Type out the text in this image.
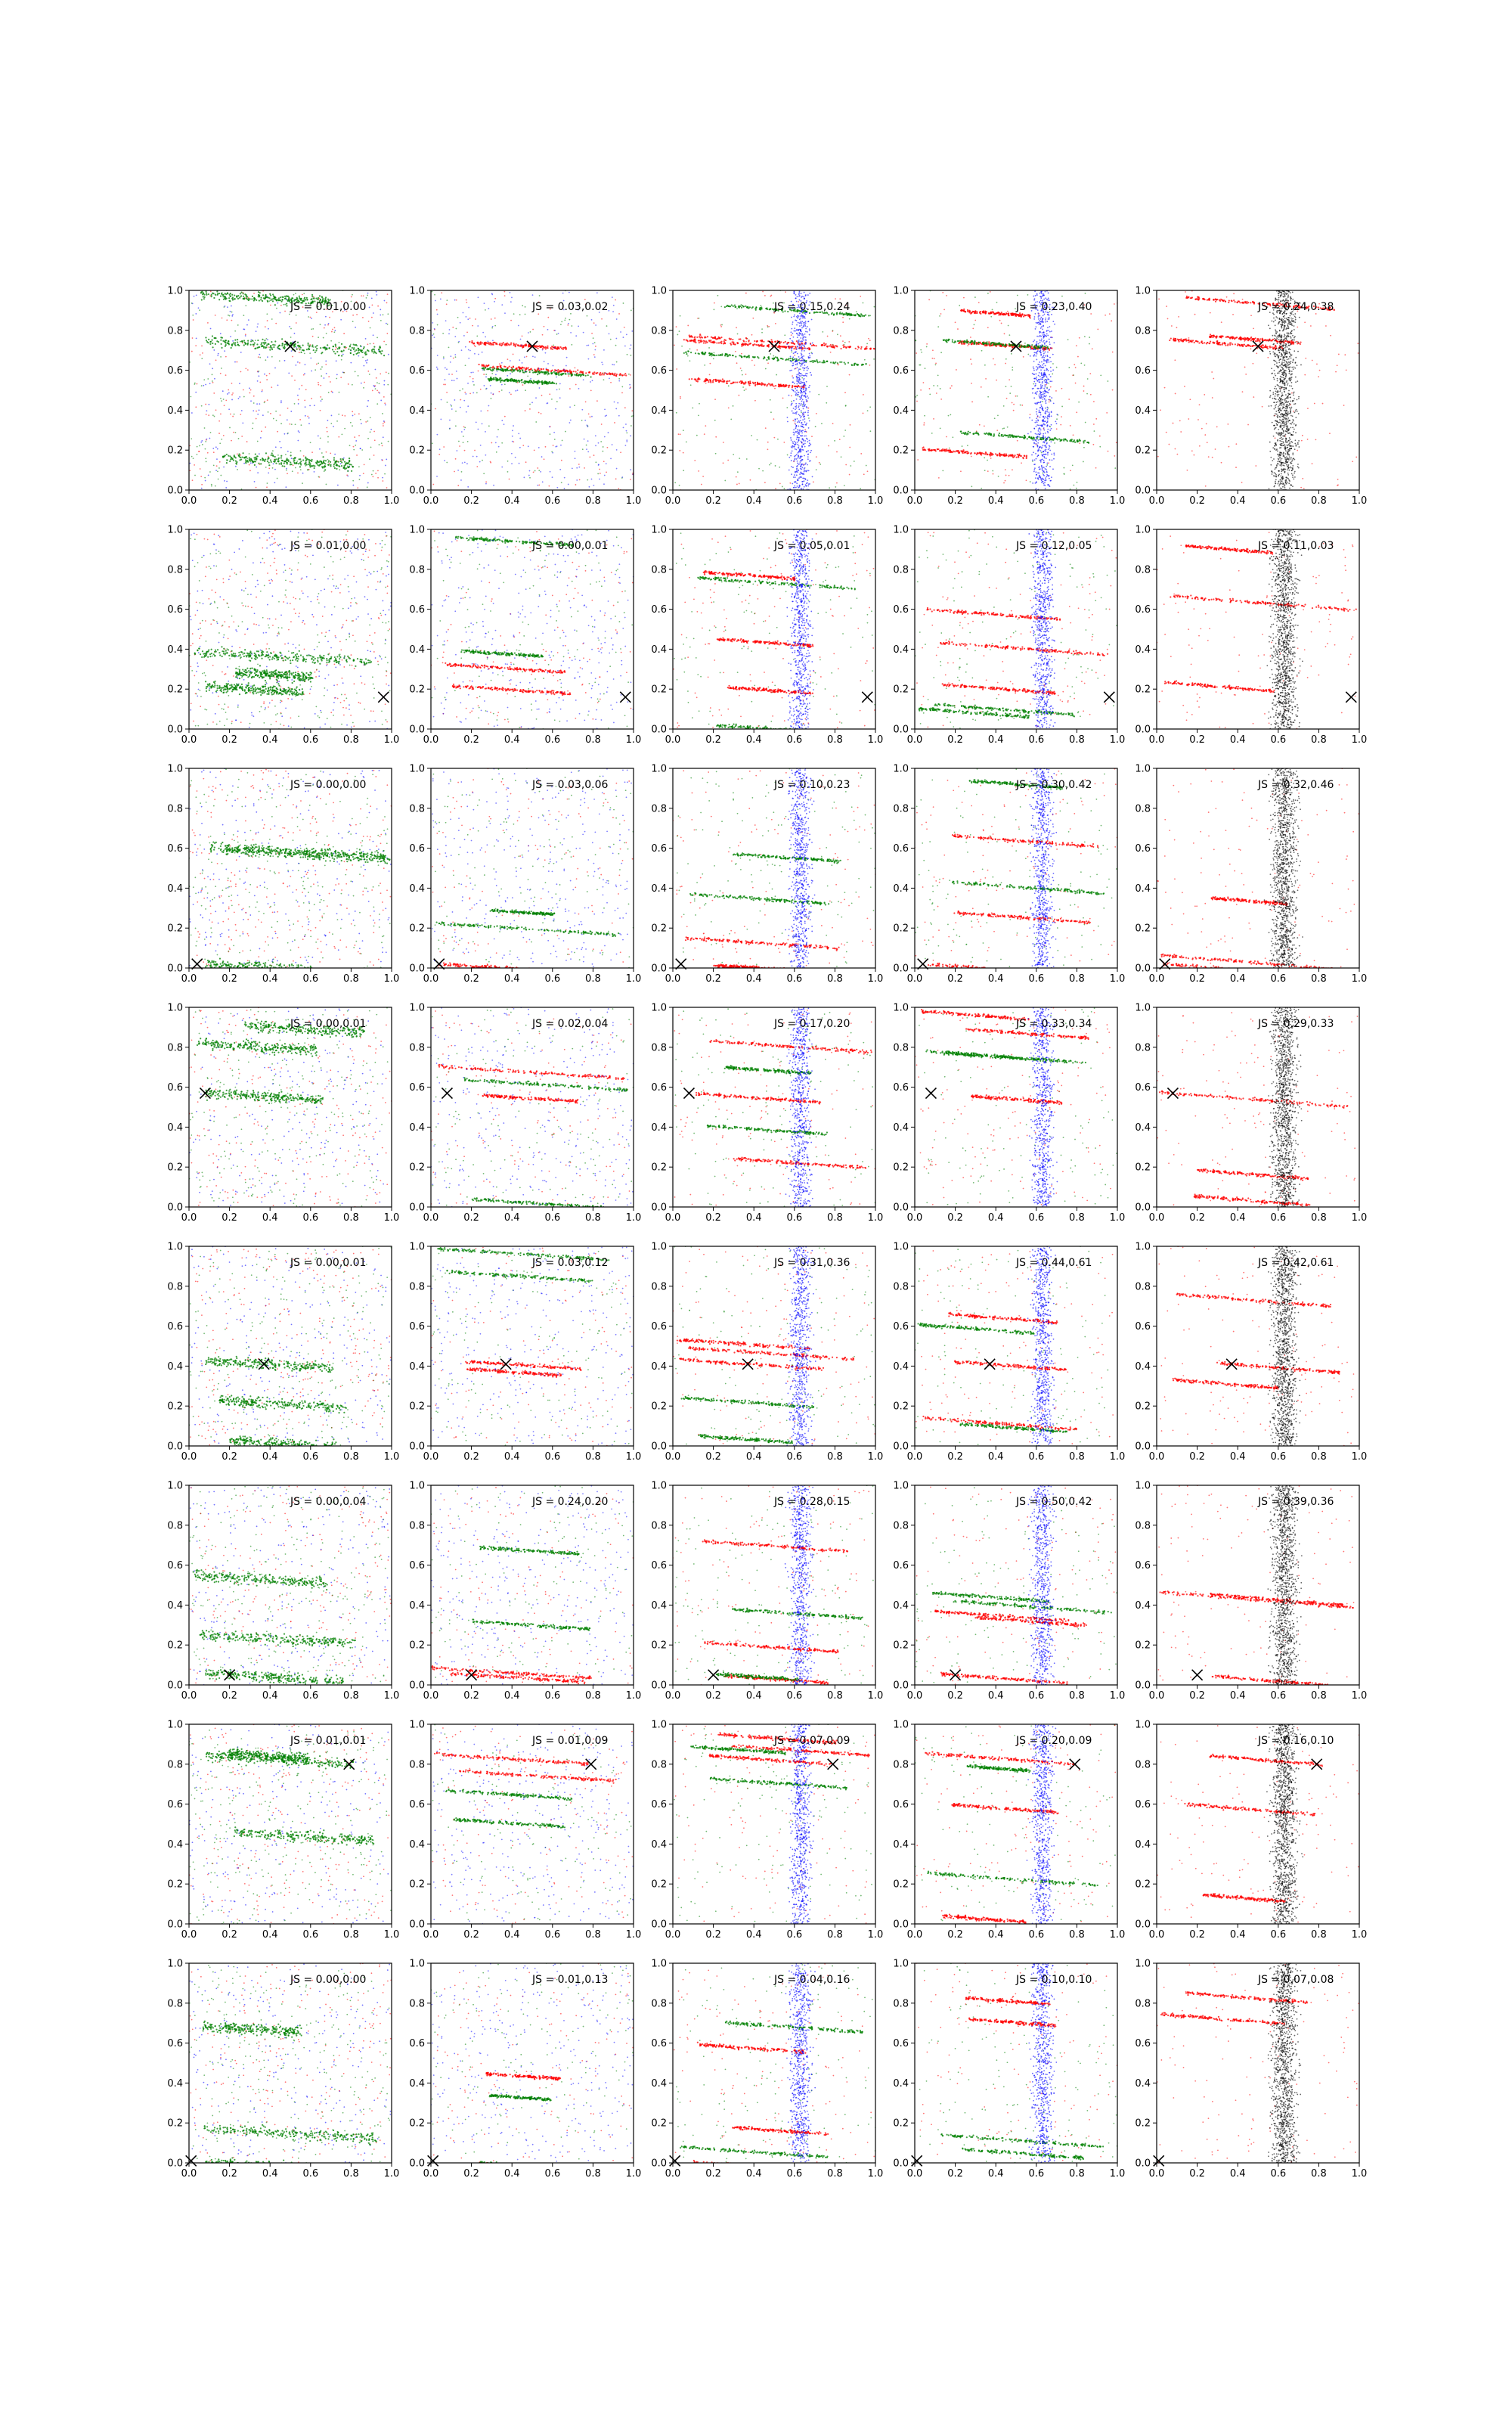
0.0	0.2	0.4	0.6	0.8	1.0
0.0
0.2
0.4
0.6
0.8
1.0
JS = 0.01,0.00
0.0	0.2	0.4	0.6	0.8	1.0
0.0
0.2
0.4
0.6
0.8
1.0
JS = 0.03,0.02
0.0	0.2	0.4	0.6	0.8	1.0
0.0
0.2
0.4
0.6
0.8
1.0
JS = 0.15,0.24
0.0	0.2	0.4	0.6	0.8	1.0
0.0
0.2
0.4
0.6
0.8
1.0
JS = 0.23,0.40
0.0	0.2	0.4	0.6	0.8	1.0
0.0
0.2
0.4
0.6
0.8
1.0
JS = 0.24,0.38
0.0	0.2	0.4	0.6	0.8	1.0
0.0
0.2
0.4
0.6
0.8
1.0
JS = 0.01,0.00
0.0	0.2	0.4	0.6	0.8	1.0
0.0
0.2
0.4
0.6
0.8
1.0
JS = 0.00,0.01
0.0	0.2	0.4	0.6	0.8	1.0
0.0
0.2
0.4
0.6
0.8
1.0
JS = 0.05,0.01
0.0	0.2	0.4	0.6	0.8	1.0
0.0
0.2
0.4
0.6
0.8
1.0
JS = 0.12,0.05
0.0	0.2	0.4	0.6	0.8	1.0
0.0
0.2
0.4
0.6
0.8
1.0
JS = 0.11,0.03
0.0	0.2	0.4	0.6	0.8	1.0
0.0
0.2
0.4
0.6
0.8
1.0
JS = 0.00,0.00
0.0	0.2	0.4	0.6	0.8	1.0
0.0
0.2
0.4
0.6
0.8
1.0
JS = 0.03,0.06
0.0	0.2	0.4	0.6	0.8	1.0
0.0
0.2
0.4
0.6
0.8
1.0
JS = 0.10,0.23
0.0	0.2	0.4	0.6	0.8	1.0
0.0
0.2
0.4
0.6
0.8
1.0
JS = 0.30,0.42
0.0	0.2	0.4	0.6	0.8	1.0
0.0
0.2
0.4
0.6
0.8
1.0
JS = 0.32,0.46
0.0	0.2	0.4	0.6	0.8	1.0
0.0
0.2
0.4
0.6
0.8
1.0
JS = 0.00,0.01
0.0	0.2	0.4	0.6	0.8	1.0
0.0
0.2
0.4
0.6
0.8
1.0
JS = 0.02,0.04
0.0	0.2	0.4	0.6	0.8	1.0
0.0
0.2
0.4
0.6
0.8
1.0
JS = 0.17,0.20
0.0	0.2	0.4	0.6	0.8	1.0
0.0
0.2
0.4
0.6
0.8
1.0
JS = 0.33,0.34
0.0	0.2	0.4	0.6	0.8	1.0
0.0
0.2
0.4
0.6
0.8
1.0
JS = 0.29,0.33
0.0	0.2	0.4	0.6	0.8	1.0
0.0
0.2
0.4
0.6
0.8
1.0
JS = 0.00,0.01
0.0	0.2	0.4	0.6	0.8	1.0
0.0
0.2
0.4
0.6
0.8
1.0
JS = 0.03,0.12
0.0	0.2	0.4	0.6	0.8	1.0
0.0
0.2
0.4
0.6
0.8
1.0
JS = 0.31,0.36
0.0	0.2	0.4	0.6	0.8	1.0
0.0
0.2
0.4
0.6
0.8
1.0
JS = 0.44,0.61
0.0	0.2	0.4	0.6	0.8	1.0
0.0
0.2
0.4
0.6
0.8
1.0
JS = 0.42,0.61
0.0	0.2	0.4	0.6	0.8	1.0
0.0
0.2
0.4
0.6
0.8
1.0
JS = 0.00,0.04
0.0	0.2	0.4	0.6	0.8	1.0
0.0
0.2
0.4
0.6
0.8
1.0
JS = 0.24,0.20
0.0	0.2	0.4	0.6	0.8	1.0
0.0
0.2
0.4
0.6
0.8
1.0
JS = 0.28,0.15
0.0	0.2	0.4	0.6	0.8	1.0
0.0
0.2
0.4
0.6
0.8
1.0
JS = 0.50,0.42
0.0	0.2	0.4	0.6	0.8	1.0
0.0
0.2
0.4
0.6
0.8
1.0
JS = 0.39,0.36
0.0	0.2	0.4	0.6	0.8	1.0
0.0
0.2
0.4
0.6
0.8
1.0
JS = 0.01,0.01
0.0	0.2	0.4	0.6	0.8	1.0
0.0
0.2
0.4
0.6
0.8
1.0
JS = 0.01,0.09
0.0	0.2	0.4	0.6	0.8	1.0
0.0
0.2
0.4
0.6
0.8
1.0
JS = 0.07,0.09
0.0	0.2	0.4	0.6	0.8	1.0
0.0
0.2
0.4
0.6
0.8
1.0
JS = 0.20,0.09
0.0	0.2	0.4	0.6	0.8	1.0
0.0
0.2
0.4
0.6
0.8
1.0
JS = 0.16,0.10
0.0	0.2	0.4	0.6	0.8	1.0
0.0
0.2
0.4
0.6
0.8
1.0
JS = 0.00,0.00
0.0	0.2	0.4	0.6	0.8	1.0
0.0
0.2
0.4
0.6
0.8
1.0
JS = 0.01,0.13
0.0	0.2	0.4	0.6	0.8	1.0
0.0
0.2
0.4
0.6
0.8
1.0
JS = 0.04,0.16
0.0	0.2	0.4	0.6	0.8	1.0
0.0
0.2
0.4
0.6
0.8
1.0
JS = 0.10,0.10
0.0	0.2	0.4	0.6	0.8	1.0
0.0
0.2
0.4
0.6
0.8
1.0
JS = 0.07,0.08
